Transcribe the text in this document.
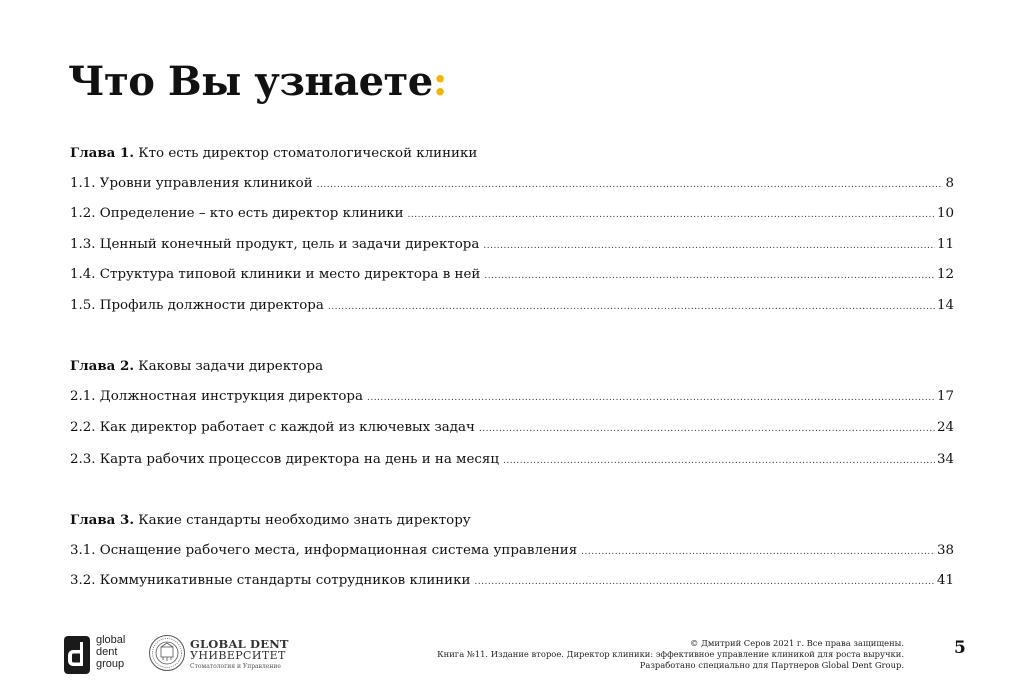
Что Вы узнаете:
Глава 1. Кто есть директор стоматологической клиники
1.1. Уровни управления клиникой .....	8
1.2. Определение – кто есть директор клиники .....	10
1.3. Ценный конечный продукт, цель и задачи директора .....	11
1.4. Структура типовой клиники и место директора в ней .....	12
1.5. Профиль должности директора .....	14
Глава 2. Каковы задачи директора
2.1. Должностная инструкция директора .....	17
2.2. Как директор работает с каждой из ключевых задач .....	24
2.3. Карта рабочих процессов директора на день и на месяц .....	34
Глава 3. Какие стандарты необходимо знать директору
3.1. Оснащение рабочего места, информационная система управления .....	38
3.2. Коммуникативные стандарты сотрудников клиники .....	41
global
dent
group
GLOBAL DENT
УНИВЕРСИТЕТ
Стоматология и Управление
© Дмитрий Серов 2021 г. Все права защищены.
Книга №11. Издание второе. Директор клиники: эффективное управление клиникой для роста выручки.
Разработано специально для Партнеров Global Dent Group.
5
